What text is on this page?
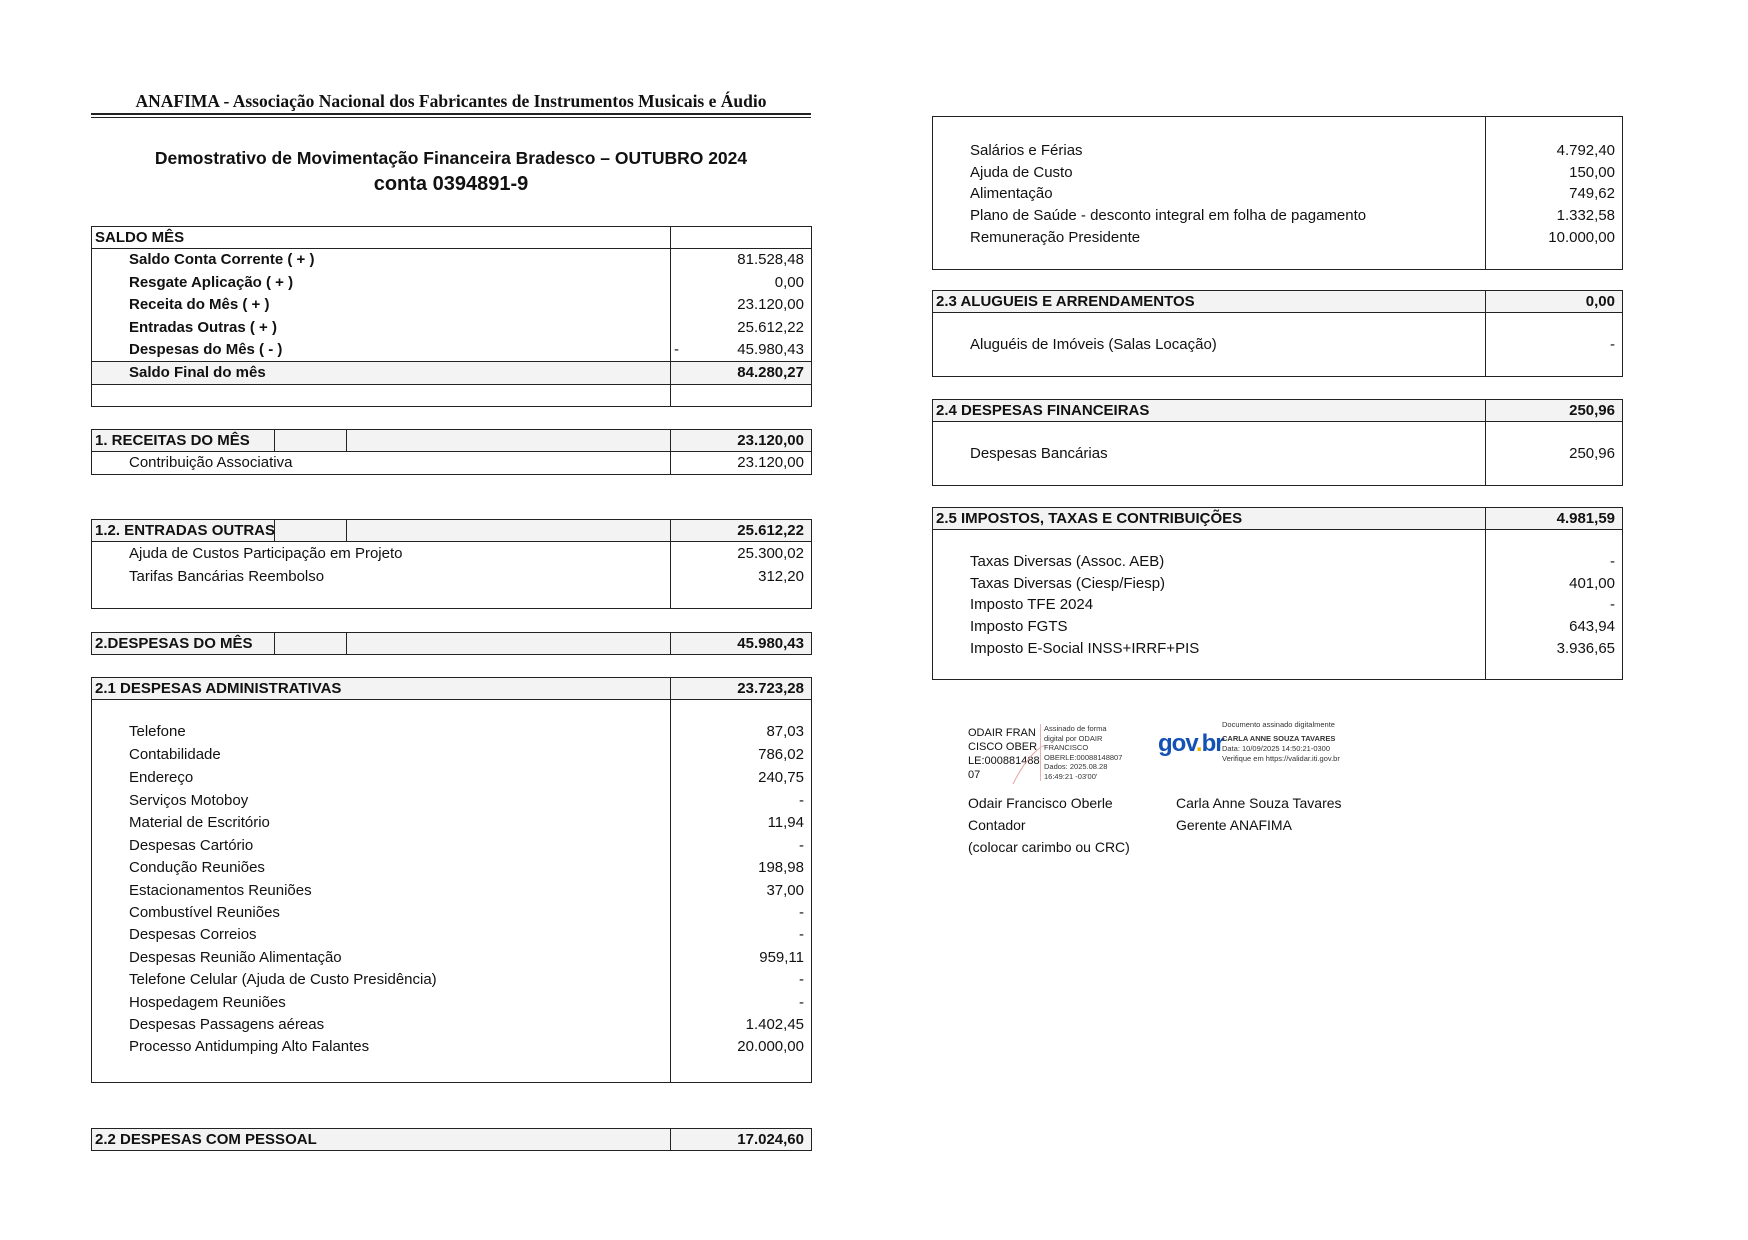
ANAFIMA - Associação Nacional dos Fabricantes de Instrumentos Musicais e Áudio
Demostrativo de Movimentação Financeira Bradesco – OUTUBRO 2024
conta 0394891-9
SALDO MÊS
Saldo Conta Corrente ( + )	81.528,48
Resgate Aplicação ( + )	0,00
Receita do Mês ( + )	23.120,00
Entradas Outras ( + )	25.612,22
Despesas do Mês ( - )	-	45.980,43
Saldo Final do mês	84.280,27
1. RECEITAS DO MÊS	23.120,00
Contribuição Associativa	23.120,00
1.2. ENTRADAS OUTRAS	25.612,22
Ajuda de Custos Participação em Projeto	25.300,02
Tarifas Bancárias Reembolso	312,20
2.DESPESAS DO MÊS	45.980,43
2.1 DESPESAS ADMINISTRATIVAS	23.723,28
Telefone	87,03
Contabilidade	786,02
Endereço	240,75
Serviços Motoboy	-
Material de Escritório	11,94
Despesas Cartório	-
Condução Reuniões	198,98
Estacionamentos Reuniões	37,00
Combustível Reuniões	-
Despesas Correios	-
Despesas Reunião Alimentação	959,11
Telefone Celular (Ajuda de Custo Presidência)	-
Hospedagem Reuniões	-
Despesas Passagens aéreas	1.402,45
Processo Antidumping Alto Falantes	20.000,00
2.2 DESPESAS COM PESSOAL	17.024,60
Salários e Férias	4.792,40
Ajuda de Custo	150,00
Alimentação	749,62
Plano de Saúde - desconto integral em folha de pagamento	1.332,58
Remuneração Presidente	10.000,00
2.3 ALUGUEIS E ARRENDAMENTOS	0,00
Aluguéis de Imóveis (Salas Locação)	-
2.4 DESPESAS FINANCEIRAS	250,96
Despesas Bancárias	250,96
2.5 IMPOSTOS, TAXAS E CONTRIBUIÇÕES	4.981,59
Taxas Diversas (Assoc. AEB)	-
Taxas Diversas (Ciesp/Fiesp)	401,00
Imposto TFE 2024	-
Imposto FGTS	643,94
Imposto E-Social INSS+IRRF+PIS	3.936,65
ODAIR FRANCISCO OBERLE:00088148807
Assinado de forma digital por ODAIR FRANCISCO OBERLE:00088148807 Dados: 2025.08.28 16:49:21 -03'00'
Odair Francisco Oberle
Contador
(colocar carimbo ou CRC)
gov.br
Documento assinado digitalmente
CARLA ANNE SOUZA TAVARES
Data: 10/09/2025 14:50:21-0300
Verifique em https://validar.iti.gov.br
Carla Anne Souza Tavares
Gerente ANAFIMA
